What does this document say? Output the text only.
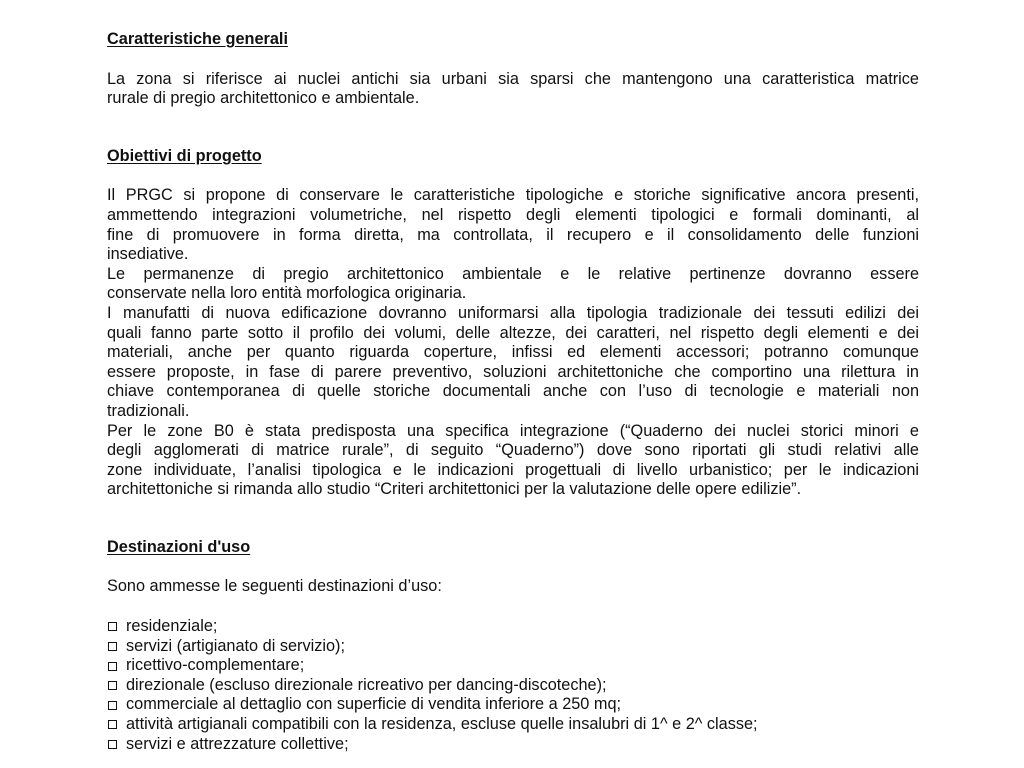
Caratteristiche generali
La zona si riferisce ai nuclei antichi sia urbani sia sparsi che mantengono una caratteristica matrice
rurale di pregio architettonico e ambientale.
Obiettivi di progetto
Il PRGC si propone di conservare le caratteristiche tipologiche e storiche significative ancora presenti,
ammettendo integrazioni volumetriche, nel rispetto degli elementi tipologici e formali dominanti, al
fine di promuovere in forma diretta, ma controllata, il recupero e il consolidamento delle funzioni
insediative.
Le permanenze di pregio architettonico ambientale e le relative pertinenze dovranno essere
conservate nella loro entità morfologica originaria.
I manufatti di nuova edificazione dovranno uniformarsi alla tipologia tradizionale dei tessuti edilizi dei
quali fanno parte sotto il profilo dei volumi, delle altezze, dei caratteri, nel rispetto degli elementi e dei
materiali, anche per quanto riguarda coperture, infissi ed elementi accessori; potranno comunque
essere proposte, in fase di parere preventivo, soluzioni architettoniche che comportino una rilettura in
chiave contemporanea di quelle storiche documentali anche con l’uso di tecnologie e materiali non
tradizionali.
Per le zone B0 è stata predisposta una specifica integrazione (“Quaderno dei nuclei storici minori e
degli agglomerati di matrice rurale”, di seguito “Quaderno”) dove sono riportati gli studi relativi alle
zone individuate, l’analisi tipologica e le indicazioni progettuali di livello urbanistico; per le indicazioni
architettoniche si rimanda allo studio “Criteri architettonici per la valutazione delle opere edilizie”.
Destinazioni d'uso

Sono ammesse le seguenti destinazioni d’uso:

residenziale;
servizi (artigianato di servizio);
ricettivo-complementare;
direzionale (escluso direzionale ricreativo per dancing-discoteche);
commerciale al dettaglio con superficie di vendita inferiore a 250 mq;
attività artigianali compatibili con la residenza, escluse quelle insalubri di 1^ e 2^ classe;
servizi e attrezzature collettive;
